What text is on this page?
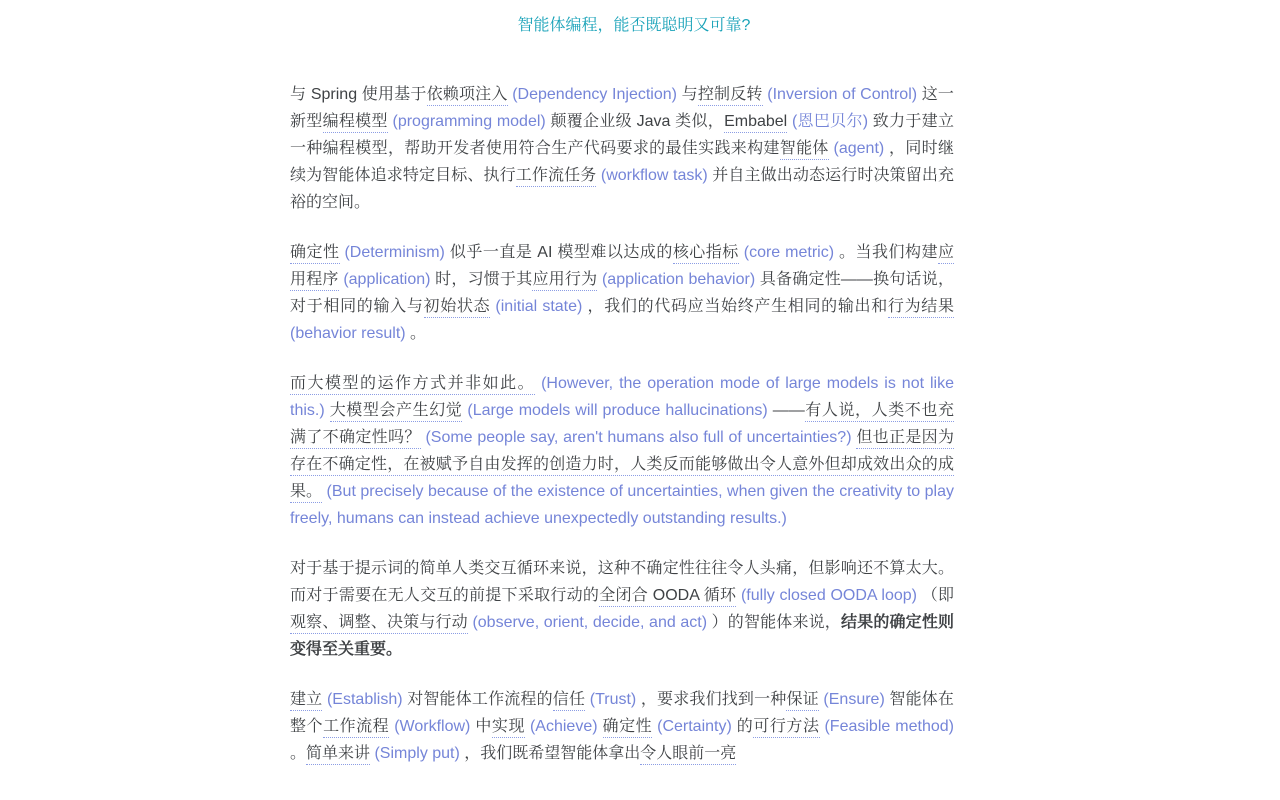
智能体编程，能否既聪明又可靠?

与 Spring 使用基于依赖项注入 (Dependency Injection) 与控制反转 (Inversion of Control) 这一新型编程模型 (programming model) 颠覆企业级 Java 类似，Embabel (恩巴贝尔) 致力于建立一种编程模型，帮助开发者使用符合生产代码要求的最佳实践来构建智能体 (agent) ，同时继续为智能体追求特定目标、执行工作流任务 (workflow task) 并自主做出动态运行时决策留出充裕的空间。

确定性 (Determinism) 似乎一直是 AI 模型难以达成的核心指标 (core metric) 。当我们构建应用程序 (application) 时，习惯于其应用行为 (application behavior) 具备确定性——换句话说，对于相同的输入与初始状态 (initial state) ，我们的代码应当始终产生相同的输出和行为结果 (behavior result) 。

而大模型的运作方式并非如此。 (However, the operation mode of large models is not like this.) 大模型会产生幻觉 (Large models will produce hallucinations) ——有人说，人类不也充满了不确定性吗？ (Some people say, aren't humans also full of uncertainties?) 但也正是因为存在不确定性，在被赋予自由发挥的创造力时，人类反而能够做出令人意外但却成效出众的成果。 (But precisely because of the existence of uncertainties, when given the creativity to play freely, humans can instead achieve unexpectedly outstanding results.)

对于基于提示词的简单人类交互循环来说，这种不确定性往往令人头痛，但影响还不算太大。而对于需要在无人交互的前提下采取行动的全闭合 OODA 循环 (fully closed OODA loop) （即观察、调整、决策与行动 (observe, orient, decide, and act) ）的智能体来说，结果的确定性则变得至关重要。

建立 (Establish) 对智能体工作流程的信任 (Trust) ，要求我们找到一种保证 (Ensure) 智能体在整个工作流程 (Workflow) 中实现 (Achieve) 确定性 (Certainty) 的可行方法 (Feasible method) 。简单来讲 (Simply put) ，我们既希望智能体拿出令人眼前一亮
